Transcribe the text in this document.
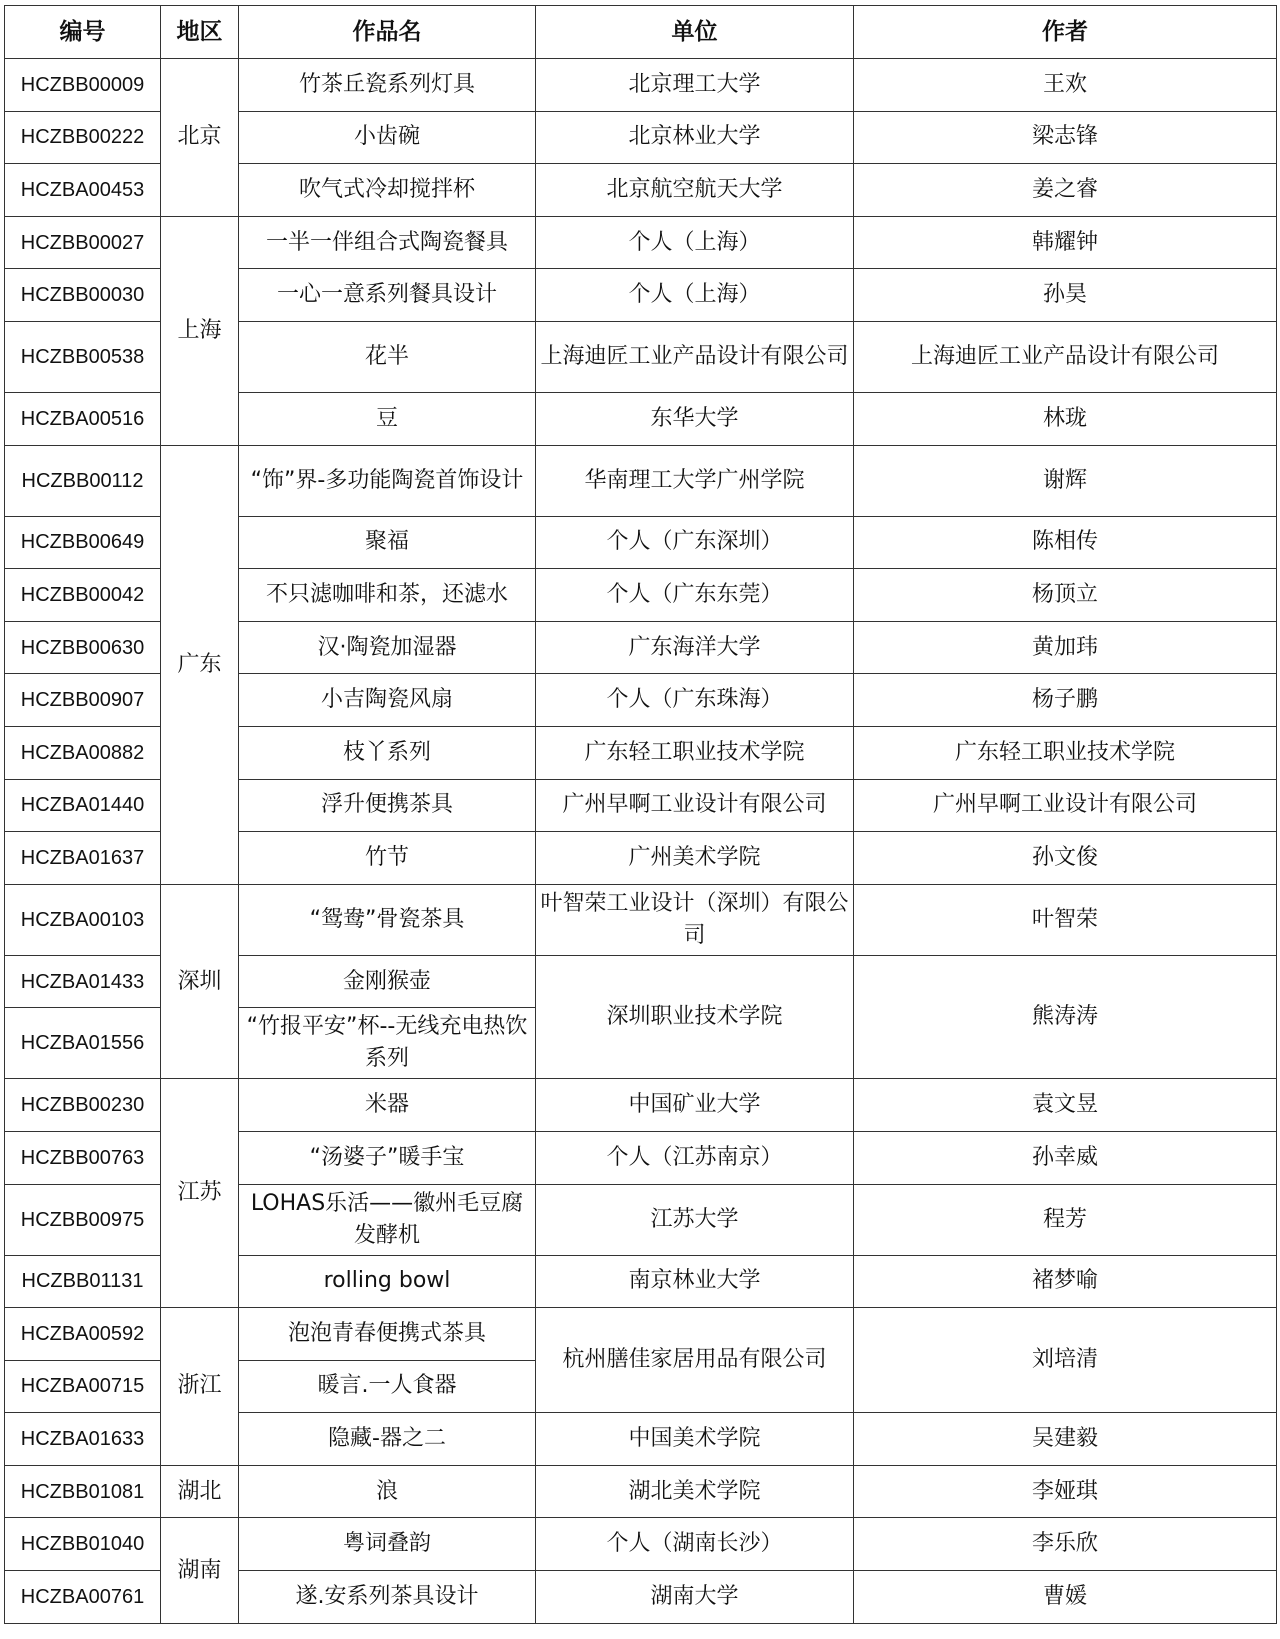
编号	地区	作品名	单位	作者
HCZBB00009	北京	竹茶丘瓷系列灯具	北京理工大学	王欢
HCZBB00222		小齿碗	北京林业大学	梁志锋
HCZBA00453		吹气式冷却搅拌杯	北京航空航天大学	姜之睿
HCZBB00027	上海	一半一伴组合式陶瓷餐具	个人（上海）	韩耀钟
HCZBB00030		一心一意系列餐具设计	个人（上海）	孙昊
HCZBB00538		花半	上海迪匠工业产品设计有限公司	上海迪匠工业产品设计有限公司
HCZBA00516		豆	东华大学	林珑
HCZBB00112	广东	“饰”界-多功能陶瓷首饰设计	华南理工大学广州学院	谢辉
HCZBB00649		聚福	个人（广东深圳）	陈相传
HCZBB00042		不只滤咖啡和茶，还滤水	个人（广东东莞）	杨顶立
HCZBB00630		汉·陶瓷加湿器	广东海洋大学	黄加玮
HCZBB00907		小吉陶瓷风扇	个人（广东珠海）	杨子鹏
HCZBA00882		枝丫系列	广东轻工职业技术学院	广东轻工职业技术学院
HCZBA01440		浮升便携茶具	广州早啊工业设计有限公司	广州早啊工业设计有限公司
HCZBA01637		竹节	广州美术学院	孙文俊
HCZBA00103	深圳	“鸳鸯”骨瓷茶具	叶智荣工业设计（深圳）有限公司	叶智荣
HCZBA01433		金刚猴壶	深圳职业技术学院	熊涛涛
HCZBA01556		“竹报平安”杯--无线充电热饮系列		
HCZBB00230	江苏	米器	中国矿业大学	袁文昱
HCZBB00763		“汤婆子”暖手宝	个人（江苏南京）	孙幸威
HCZBB00975		LOHAS乐活——徽州毛豆腐发酵机	江苏大学	程芳
HCZBB01131		rolling bowl	南京林业大学	褚梦喻
HCZBA00592	浙江	泡泡青春便携式茶具	杭州膳佳家居用品有限公司	刘培清
HCZBA00715		暖言.一人食器		
HCZBA01633		隐藏-器之二	中国美术学院	吴建毅
HCZBB01081	湖北	浪	湖北美术学院	李娅琪
HCZBB01040	湖南	粤词叠韵	个人（湖南长沙）	李乐欣
HCZBA00761		遂.安系列茶具设计	湖南大学	曹媛
